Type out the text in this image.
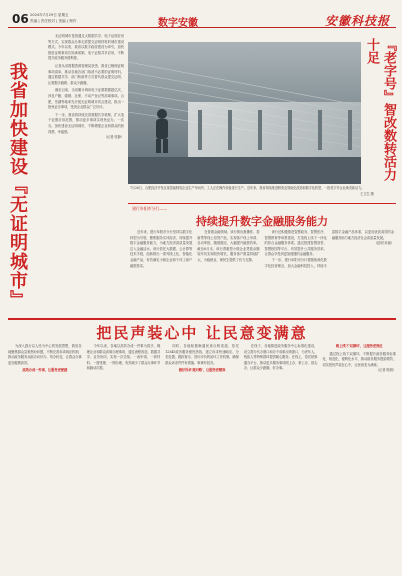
06 2024年7月29日 星期五
责编 | 责任校对 | 美编 | 制作	数字安徽	安徽科技报
我省加快建设『无证明城市』

无证明城市是指通过大数据共享、电子证照应用等方式，实现群众办事无需提交证明材料的城市建设模式。今年以来，我省以数字政府建设为牵引，加快推进证明事项告知承诺制、电子证照共享应用，不断提升政务服务便利度。

记者从省数据资源管理局获悉，我省已梳理证明事项清单，推动各地各部门取消不必要的证明材料，通过数据共享、部门核验等方式替代群众提交证明，让数据多跑路、群众少跑腿。

截至目前，全省累计调用电子证照数据超亿次，涉及户籍、婚姻、社保、不动产登记等高频事项。合肥、芜湖等地率先开展无证明城市试点建设，推出一批免证办事项，受到企业群众广泛好评。

下一步，我省将持续完善数据共享机制，扩大电子证照应用范围，推动更多事项实现免证办、一次办，加快建设无证明城市，不断增强企业和群众的获得感、幸福感。

（记者 张静）

7月26日，合肥经济开发区某智能制造企业生产车间内，工人正在操作设备进行生产。近年来，我省持续推进制造业智能化改造和数字化转型，一批老字号企业焕发新活力。

王文生 摄
『老字号』智改数转活力十足
建行阜阳市分行——
持续提升数字金融服务能力

近年来，建行阜阳市分行坚持以数字化转型为引领，聚焦服务实体经济，持续提升数字金融服务能力，为地方经济高质量发展注入金融活水。该行依托大数据、云计算等技术手段，创新推出一系列线上化、智能化金融产品，有效满足小微企业和个体工商户融资需求。

在普惠金融领域，该行推出惠懂你、善新贷等线上信贷产品，实现客户线上申请、自动审批、随借随还，大幅提升融资效率。截至6月末，该行普惠型小微企业贷款余额较年初实现较快增长，服务客户数量持续扩大，为稳就业、保民生提供了有力支撑。

该行还积极推进智慧政务、智慧医疗、智慧教育等场景建设，打造线上线下一体化的综合金融服务体系。通过搭建智慧食堂、智慧校园等平台，有效提升公共服务效率，让群众享受到更加便捷的金融服务。

下一步，建行阜阳市分行将继续深化数字化经营理念，加大金融科技投入，持续丰富数字金融产品体系，以更加优质高效的金融服务助力地方经济社会高质量发展。

（赵明 孙丽）

把民声装心中 让民意变满意

为深入践行以人民为中心的发展思想，我省各地聚焦群众急难愁盼问题，不断完善诉求响应机制，推动政务服务从能办向好办、易办转变，让群众办事更加便捷高效。

高效办成一件事，让服务更便捷

今年以来，各地以高效办成一件事为抓手，梳理企业和群众高频办理事项，通过流程再造、数据共享、业务协同，实现一次告知、一表申请、一套材料、一窗受理、一网办理，有效减少了群众办事环节和跑动次数。

同时，各地积极畅通民意反映渠道，依托12345政务服务便民热线，建立诉求快速响应、分类处置、跟踪督办、回访评价的闭环工作机制，确保群众诉求件件有着落、事事有回音。

做好诉求'接对路'，让服务更精准

在线下，各地推进政务服务中心标准化建设，设立帮办代办窗口和办不成事反映窗口，为老年人、残疾人等特殊群体提供暖心服务。在线上，依托皖事通办平台，推动更多服务事项网上办、掌上办、指尖办，让群众少跑腿、好办事。

截上线下'双循环'，让服务更到位

通过线上线下双循环，不断提升政务服务标准化、规范化、便利化水平，推动政务服务提质增效，切实把民声装在心中，让民意变为满意。

（记者 陈晨）
